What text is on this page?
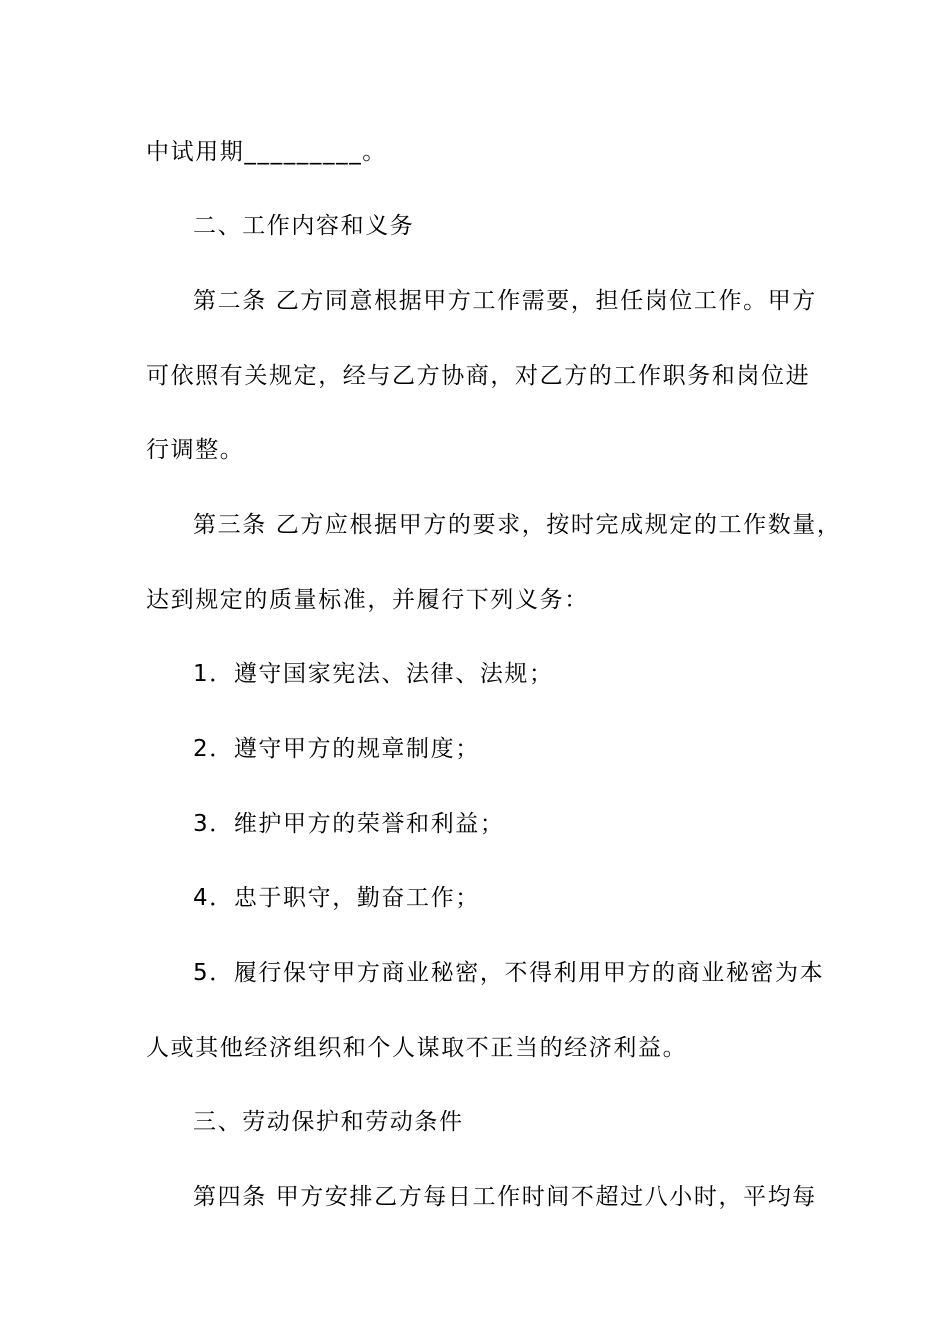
中试用期_________。
二、工作内容和义务
第二条 乙方同意根据甲方工作需要，担任岗位工作。甲方
可依照有关规定，经与乙方协商，对乙方的工作职务和岗位进
行调整。
第三条 乙方应根据甲方的要求，按时完成规定的工作数量，
达到规定的质量标准，并履行下列义务：
1．遵守国家宪法、法律、法规；
2．遵守甲方的规章制度；
3．维护甲方的荣誉和利益；
4．忠于职守，勤奋工作；
5．履行保守甲方商业秘密，不得利用甲方的商业秘密为本
人或其他经济组织和个人谋取不正当的经济利益。
三、劳动保护和劳动条件
第四条 甲方安排乙方每日工作时间不超过八小时，平均每
